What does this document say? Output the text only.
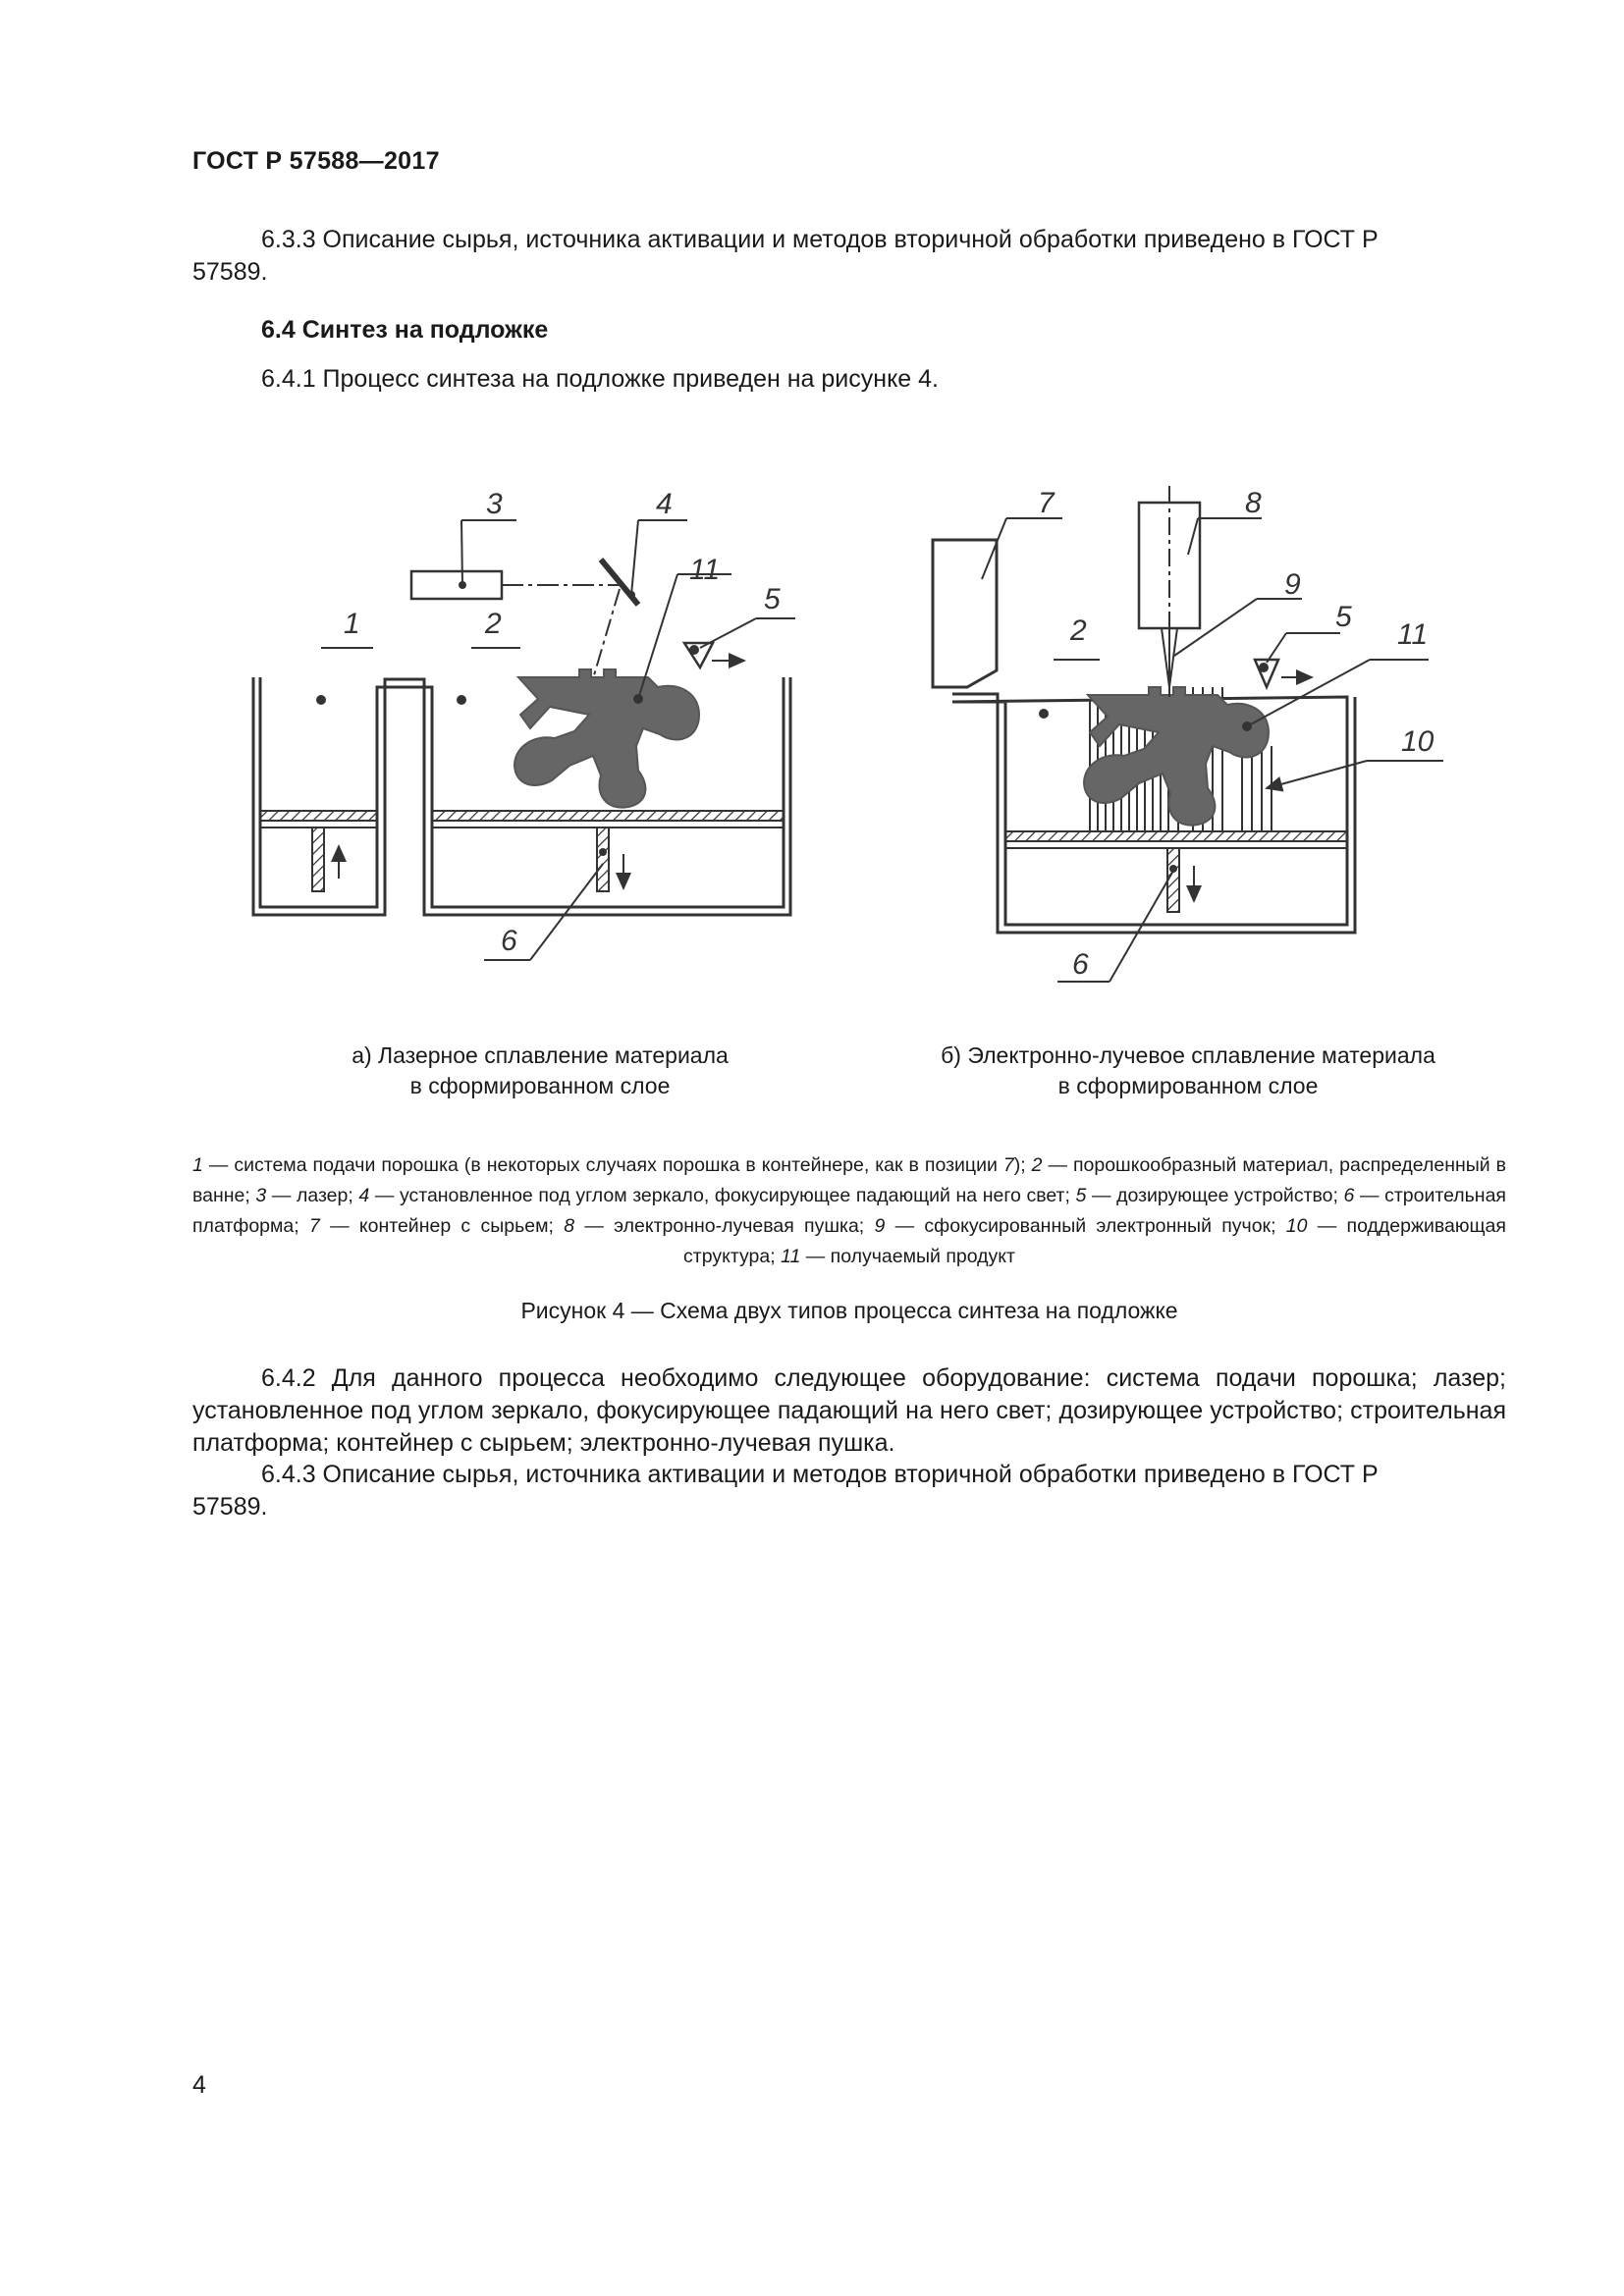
ГОСТ Р 57588—2017
6.3.3 Описание сырья, источника активации и методов вторичной обработки приведено в ГОСТ Р
57589.
6.4 Синтез на подложке
6.4.1 Процесс синтеза на подложке приведен на рисунке 4.
1	2
3	4
5
6
11
2	5
6
7	8
9
10
11
а) Лазерное сплавление материала
в сформированном слое
б) Электронно-лучевое сплавление материала
в сформированном слое
1 — система подачи порошка (в некоторых случаях порошка в контейнере, как в позиции 7); 2 — порошкообразный материал, распределенный в ванне; 3 — лазер; 4 — установленное под углом зеркало, фокусирующее падающий на него свет; 5 — дозирующее устройство; 6 — строительная платформа; 7 — контейнер с сырьем; 8 — электронно-лучевая пушка; 9 — сфокусированный электронный пучок; 10 — поддерживающая структура; 11 — получаемый продукт
Рисунок 4 — Схема двух типов процесса синтеза на подложке
6.4.2 Для данного процесса необходимо следующее оборудование: система подачи порошка; лазер; установленное под углом зеркало, фокусирующее падающий на него свет; дозирующее устройство; строительная платформа; контейнер с сырьем; электронно-лучевая пушка.
6.4.3 Описание сырья, источника активации и методов вторичной обработки приведено в ГОСТ Р
57589.
4
